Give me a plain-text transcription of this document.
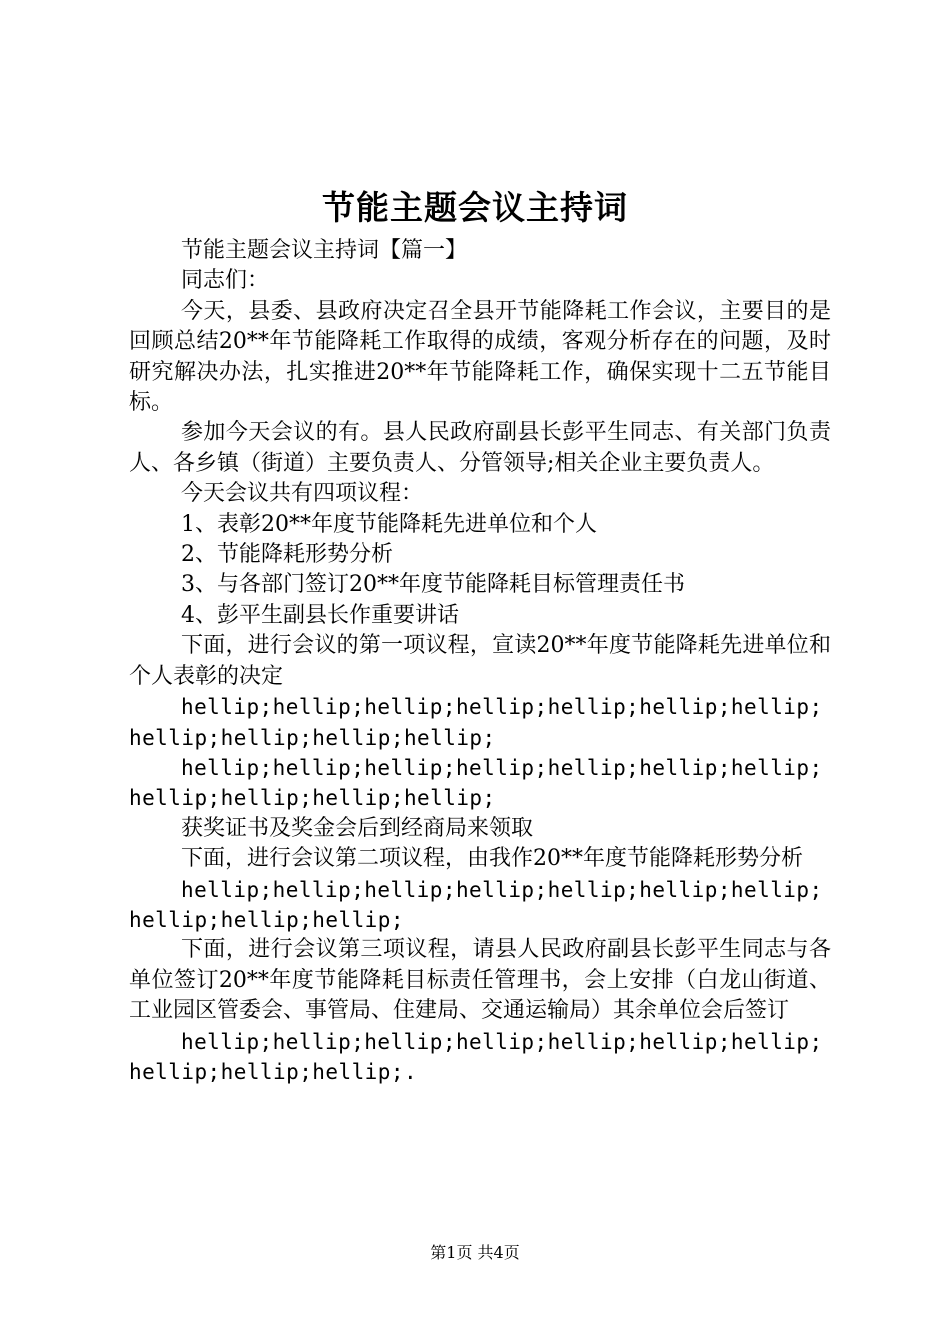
节能主题会议主持词

节能主题会议主持词【篇一】

同志们：

今天，县委、县政府决定召全县开节能降耗工作会议，主要目的是回顾总结20**年节能降耗工作取得的成绩，客观分析存在的问题，及时研究解决办法，扎实推进20**年节能降耗工作，确保实现十二五节能目标。

参加今天会议的有。县人民政府副县长彭平生同志、有关部门负责人、各乡镇（街道）主要负责人、分管领导;相关企业主要负责人。

今天会议共有四项议程：

1、表彰20**年度节能降耗先进单位和个人

2、节能降耗形势分析

3、与各部门签订20**年度节能降耗目标管理责任书

4、彭平生副县长作重要讲话

下面，进行会议的第一项议程，宣读20**年度节能降耗先进单位和个人表彰的决定

hellip;hellip;hellip;hellip;hellip;hellip;hellip;hellip;hellip;hellip;hellip;

hellip;hellip;hellip;hellip;hellip;hellip;hellip;hellip;hellip;hellip;hellip;

获奖证书及奖金会后到经商局来领取

下面，进行会议第二项议程，由我作20**年度节能降耗形势分析

hellip;hellip;hellip;hellip;hellip;hellip;hellip;hellip;hellip;hellip;

下面，进行会议第三项议程，请县人民政府副县长彭平生同志与各单位签订20**年度节能降耗目标责任管理书，会上安排（白龙山街道、工业园区管委会、事管局、住建局、交通运输局）其余单位会后签订

hellip;hellip;hellip;hellip;hellip;hellip;hellip;hellip;hellip;hellip;.

第1页 共4页
